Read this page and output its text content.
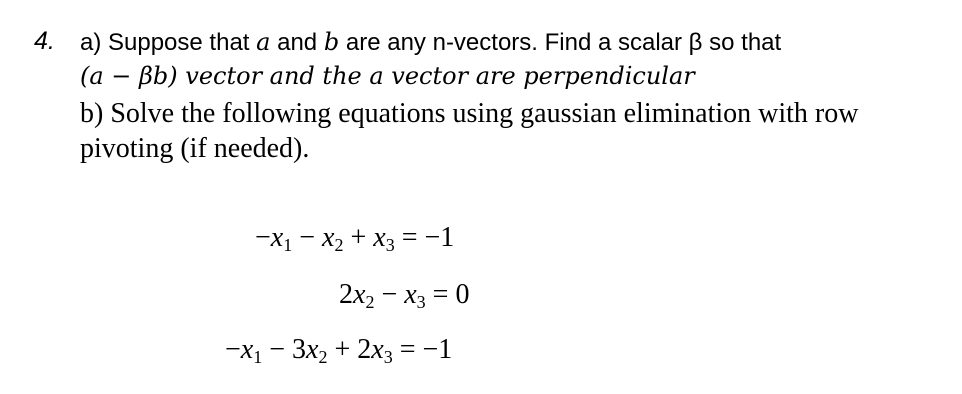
4. a) Suppose that a and b are any n-vectors. Find a scalar β so that
(a − βb) vector and the a vector are perpendicular
b) Solve the following equations using gaussian elimination with row
pivoting (if needed).
$-x_1 - x_2 + x_3 = -1$
$2x_2 - x_3 = 0$
$-x_1 - 3x_2 + 2x_3 = -1$
